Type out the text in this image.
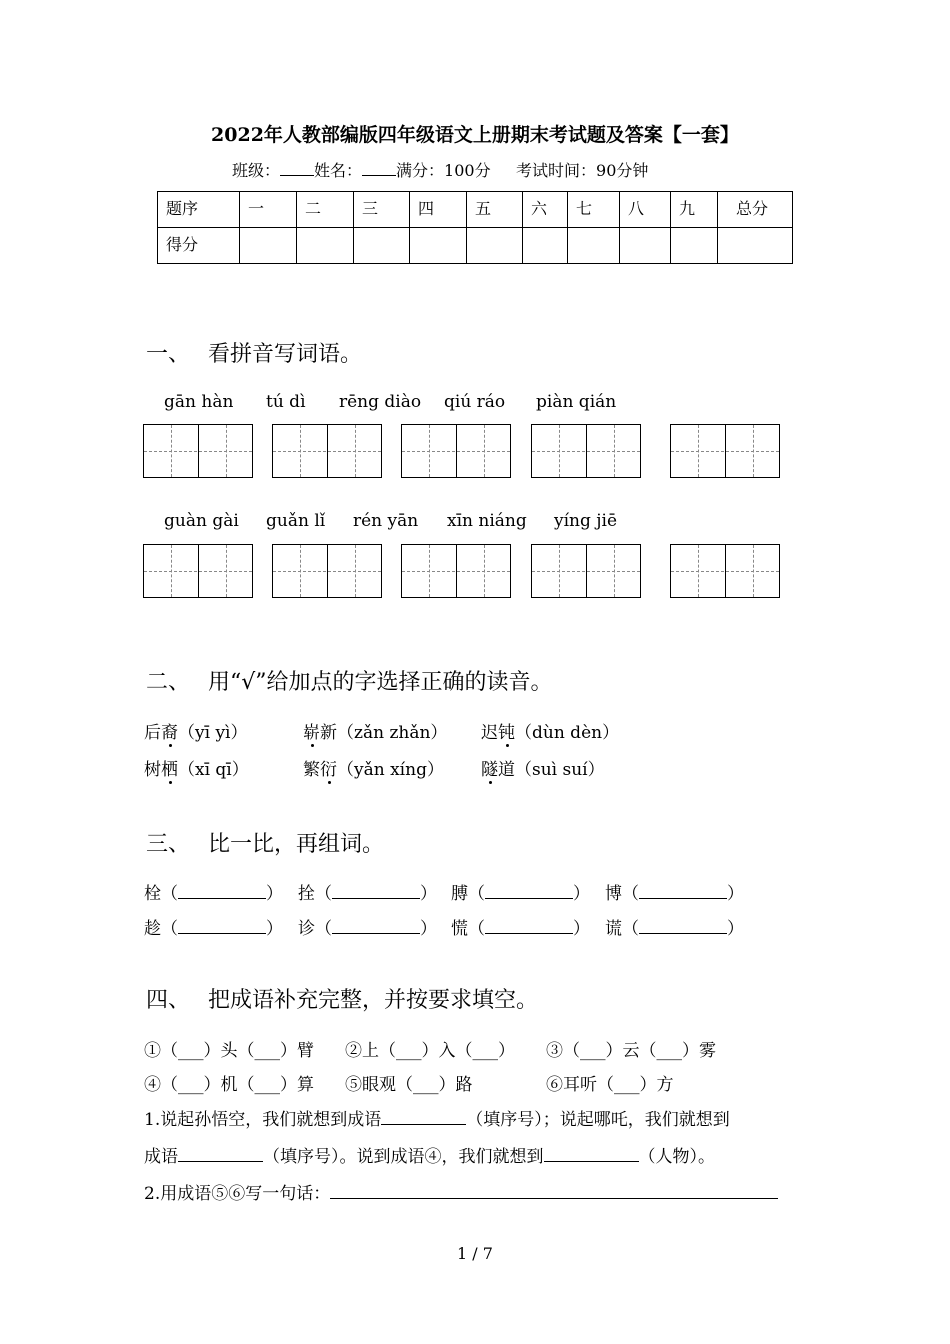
2022年人教部编版四年级语文上册期末考试题及答案【一套】
班级： 姓名： 满分：100分 考试时间：90分钟
题序	一	二	三	四	五	六	七	八	九	总分
得分										
一、 看拼音写词语。
gān hàn tú dì rēng diào qiú ráo piàn qián
guàn gài guǎn lǐ rén yān xīn niáng yíng jiē
二、 用“√”给加点的字选择正确的读音。
后裔（yī yì）	崭新（zǎn zhǎn） 迟钝（dùn dèn）
树栖（xī qī）	繁衍（yǎn xíng） 隧道（suì suí）
三、 比一比，再组词。
栓（	） 拴（	） 膊（	） 博（	）
趁（	） 诊（	） 慌（	） 谎（	）
四、 把成语补充完整，并按要求填空。
①（___）头（___）臂 ②上（___）入（___） ③（___）云（___）雾
④（___）机（___）算 ⑤眼观（___）路	⑥耳听（___）方
1.说起孙悟空，我们就想到成语	（填序号）；说起哪吒，我们就想到
成语	（填序号）。说到成语④，我们就想到	（人物）。
2.用成语⑤⑥写一句话：
1 / 7
